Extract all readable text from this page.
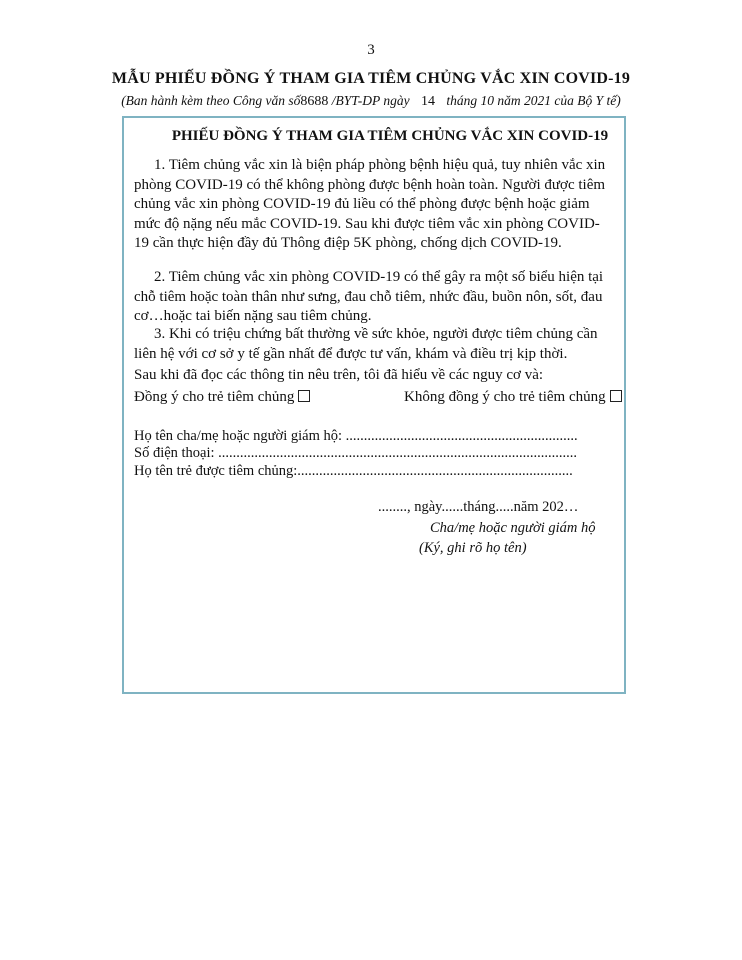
3
MẪU PHIẾU ĐỒNG Ý THAM GIA TIÊM CHỦNG VẮC XIN COVID-19
(Ban hành kèm theo Công văn số8688 /BYT-DP ngày 14 tháng 10 năm 2021 của Bộ Y tế)
PHIẾU ĐỒNG Ý THAM GIA TIÊM CHỦNG VẮC XIN COVID-19
1. Tiêm chủng vắc xin là biện pháp phòng bệnh hiệu quả, tuy nhiên vắc xin
phòng COVID-19 có thể không phòng được bệnh hoàn toàn. Người được tiêm
chủng vắc xin phòng COVID-19 đủ liều có thể phòng được bệnh hoặc giảm
mức độ nặng nếu mắc COVID-19. Sau khi được tiêm vắc xin phòng COVID-
19 cần thực hiện đầy đủ Thông điệp 5K phòng, chống dịch COVID-19.
2. Tiêm chủng vắc xin phòng COVID-19 có thể gây ra một số biểu hiện tại
chỗ tiêm hoặc toàn thân như sưng, đau chỗ tiêm, nhức đầu, buồn nôn, sốt, đau
cơ…hoặc tai biến nặng sau tiêm chủng.
3. Khi có triệu chứng bất thường về sức khỏe, người được tiêm chủng cần
liên hệ với cơ sở y tế gần nhất để được tư vấn, khám và điều trị kịp thời.
Sau khi đã đọc các thông tin nêu trên, tôi đã hiểu về các nguy cơ và:
Đồng ý cho trẻ tiêm chủng	Không đồng ý cho trẻ tiêm chủng
Họ tên cha/mẹ hoặc người giám hộ: ................................................................
Số điện thoại: ...................................................................................................
Họ tên trẻ được tiêm chủng:............................................................................
........, ngày......tháng.....năm 202…
Cha/mẹ hoặc người giám hộ
(Ký, ghi rõ họ tên)
